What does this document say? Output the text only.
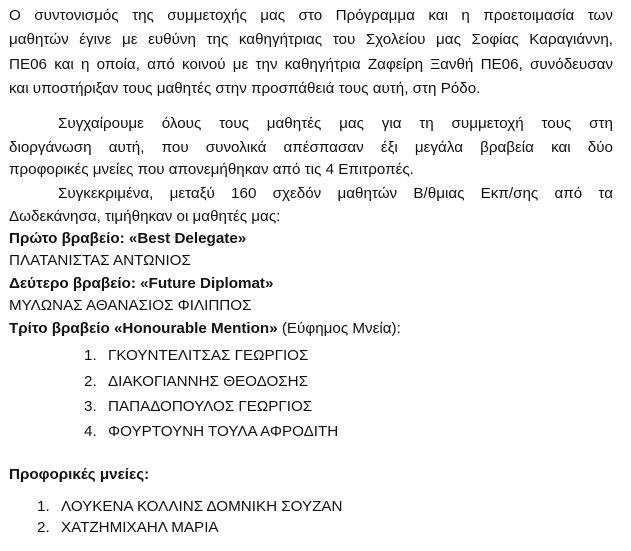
Ο συντονισμός της συμμετοχής μας στο Πρόγραμμα και η προετοιμασία των
μαθητών έγινε με ευθύνη της καθηγήτριας του Σχολείου μας Σοφίας Καραγιάννη,
ΠΕ06 και η οποία, από κοινού με την καθηγήτρια Ζαφείρη Ξανθή ΠΕ06, συνόδευσαν
και υποστήριξαν τους μαθητές στην προσπάθειά τους αυτή, στη Ρόδο.
Συγχαίρουμε όλους τους μαθητές μας για τη συμμετοχή τους στη
διοργάνωση αυτή, που συνολικά απέσπασαν έξι μεγάλα βραβεία και δύο
προφορικές μνείες που απονεμήθηκαν από τις 4 Επιτροπές.
Συγκεκριμένα, μεταξύ 160 σχεδόν μαθητών Β/θμιας Εκπ/σης από τα
Δωδεκάνησα, τιμήθηκαν οι μαθητές μας:
Πρώτο βραβείο: «Best Delegate»
ΠΛΑΤΑΝΙΣΤΑΣ ΑΝΤΩΝΙΟΣ
Δεύτερο βραβείο: «Future Diplomat»
ΜΥΛΩΝΑΣ ΑΘΑΝΑΣΙΟΣ ΦΙΛΙΠΠΟΣ
Τρίτο βραβείο «Honourable Mention» (Εύφημος Μνεία):
1. ΓΚΟΥΝΤΕΛΙΤΣΑΣ ΓΕΩΡΓΙΟΣ
2. ΔΙΑΚΟΓΙΑΝΝΗΣ ΘΕΟΔΟΣΗΣ
3. ΠΑΠΑΔΟΠΟΥΛΟΣ ΓΕΩΡΓΙΟΣ
4. ΦΟΥΡΤΟΥΝΗ ΤΟΥΛΑ ΑΦΡΟΔΙΤΗ
Προφορικές μνείες:
1. ΛΟΥΚΕΝΑ ΚΟΛΛΙΝΣ ΔΟΜΝΙΚΗ ΣΟΥΖΑΝ
2. ΧΑΤΖΗΜΙΧΑΗΛ ΜΑΡΙΑ
